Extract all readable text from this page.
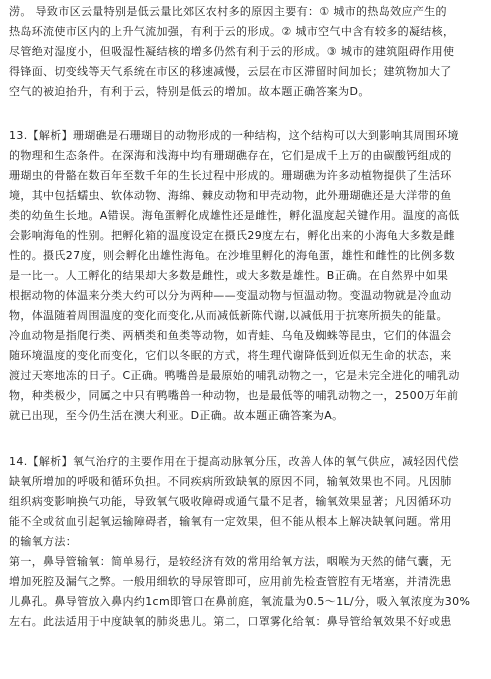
涝。 导致市区云量特别是低云量比郊区农村多的原因主要有：① 城市的热岛效应产生的
热岛环流使市区内的上升气流加强，有利于云的形成。② 城市空气中含有较多的凝结核，
尽管绝对湿度小，但吸湿性凝结核的增多仍然有利于云的形成。③ 城市的建筑阻碍作用使
得锋面、切变线等天气系统在市区的移速减慢，云层在市区滞留时间加长；建筑物加大了
空气的被迫抬升，有利于云，特别是低云的增加。故本题正确答案为D。
13.【解析】珊瑚礁是石珊瑚目的动物形成的一种结构，这个结构可以大到影响其周围环境
的物理和生态条件。在深海和浅海中均有珊瑚礁存在，它们是成千上万的由碳酸钙组成的
珊瑚虫的骨骼在数百年至数千年的生长过程中形成的。珊瑚礁为许多动植物提供了生活环
境，其中包括蠕虫、软体动物、海绵、棘皮动物和甲壳动物，此外珊瑚礁还是大洋带的鱼
类的幼鱼生长地。A错误。海龟蛋孵化成雄性还是雌性，孵化温度起关键作用。温度的高低
会影响海龟的性别。把孵化箱的温度设定在摄氏29度左右，孵化出来的小海龟大多数是雌
性的。摄氏27度，则会孵化出雄性海龟。在沙堆里孵化的海龟蛋，雄性和雌性的比例多数
是一比一。人工孵化的结果却大多数是雌性，或大多数是雄性。B正确。在自然界中如果
根据动物的体温来分类大约可以分为两种——变温动物与恒温动物。变温动物就是冷血动
物，体温随着周围温度的变化而变化,从而减低新陈代谢,以减低用于抗寒所损失的能量。
冷血动物是指爬行类、两栖类和鱼类等动物，如青蛙、乌龟及蜘蛛等昆虫，它们的体温会
随环境温度的变化而变化，它们以冬眠的方式，将生理代谢降低到近似无生命的状态，来
渡过天寒地冻的日子。C正确。鸭嘴兽是最原始的哺乳动物之一，它是未完全进化的哺乳动
物，种类极少，同属之中只有鸭嘴兽一种动物，也是最低等的哺乳动物之一，2500万年前
就已出现，至今仍生活在澳大利亚。D正确。故本题正确答案为A。
14.【解析】氧气治疗的主要作用在于提高动脉氧分压，改善人体的氧气供应，减轻因代偿
缺氧所增加的呼吸和循环负担。不同疾病所致缺氧的原因不同，输氧效果也不同。凡因肺
组织病变影响换气功能，导致氧气吸收障碍或通气量不足者，输氧效果显著；凡因循环功
能不全或贫血引起氧运输障碍者，输氧有一定效果，但不能从根本上解决缺氧问题。常用
的输氧方法：
第一，鼻导管输氧：简单易行，是较经济有效的常用给氧方法，咽喉为天然的储气囊，无
增加死腔及漏气之弊。一般用细软的导尿管即可，应用前先检查管腔有无堵塞，并清洗患
儿鼻孔。鼻导管放入鼻内约1cm即管口在鼻前庭，氧流量为0.5～1L/分，吸入氧浓度为30%
左右。此法适用于中度缺氧的肺炎患儿。第二，口罩雾化给氧：鼻导管给氧效果不好或患
